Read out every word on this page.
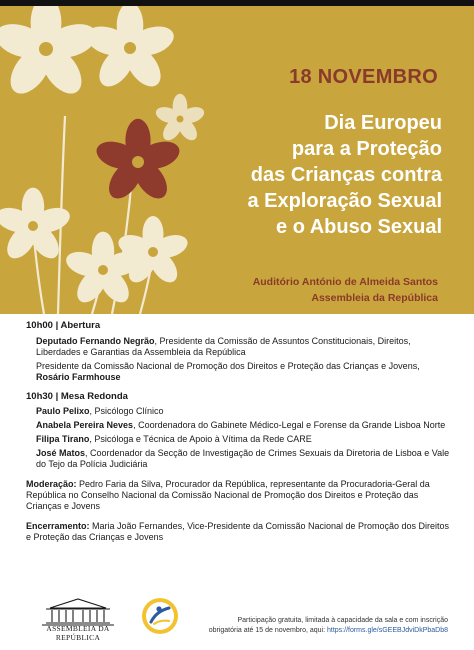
18 NOVEMBRO
Dia Europeu
para a Proteção
das Crianças contra
a Exploração Sexual
e o Abuso Sexual
Auditório António de Almeida Santos
Assembleia da República

10h00 | Abertura

Deputado Fernando Negrão, Presidente da Comissão de Assuntos Constitucionais, Direitos, Liberdades e Garantias da Assembleia da República

Presidente da Comissão Nacional de Promoção dos Direitos e Proteção das Crianças e Jovens, Rosário Farmhouse

10h30 | Mesa Redonda

Paulo Pelixo, Psicólogo Clínico

Anabela Pereira Neves, Coordenadora do Gabinete Médico-Legal e Forense da Grande Lisboa Norte

Filipa Tirano, Psicóloga e Técnica de Apoio à Vítima da Rede CARE

José Matos, Coordenador da Secção de Investigação de Crimes Sexuais da Diretoria de Lisboa e Vale do Tejo da Polícia Judiciária

Moderação: Pedro Faria da Silva, Procurador da República, representante da Procuradoria-Geral da República no Conselho Nacional da Comissão Nacional de Promoção dos Direitos e Proteção das Crianças e Jovens

Encerramento: Maria João Fernandes, Vice-Presidente da Comissão Nacional de Promoção dos Direitos e Proteção das Crianças e Jovens

ASSEMBLEIA DA REPÚBLICA
Participação gratuita, limitada à capacidade da sala e com inscrição obrigatória até 15 de novembro, aqui: https://forms.gle/sGEEBJdviDkPbaDb8
